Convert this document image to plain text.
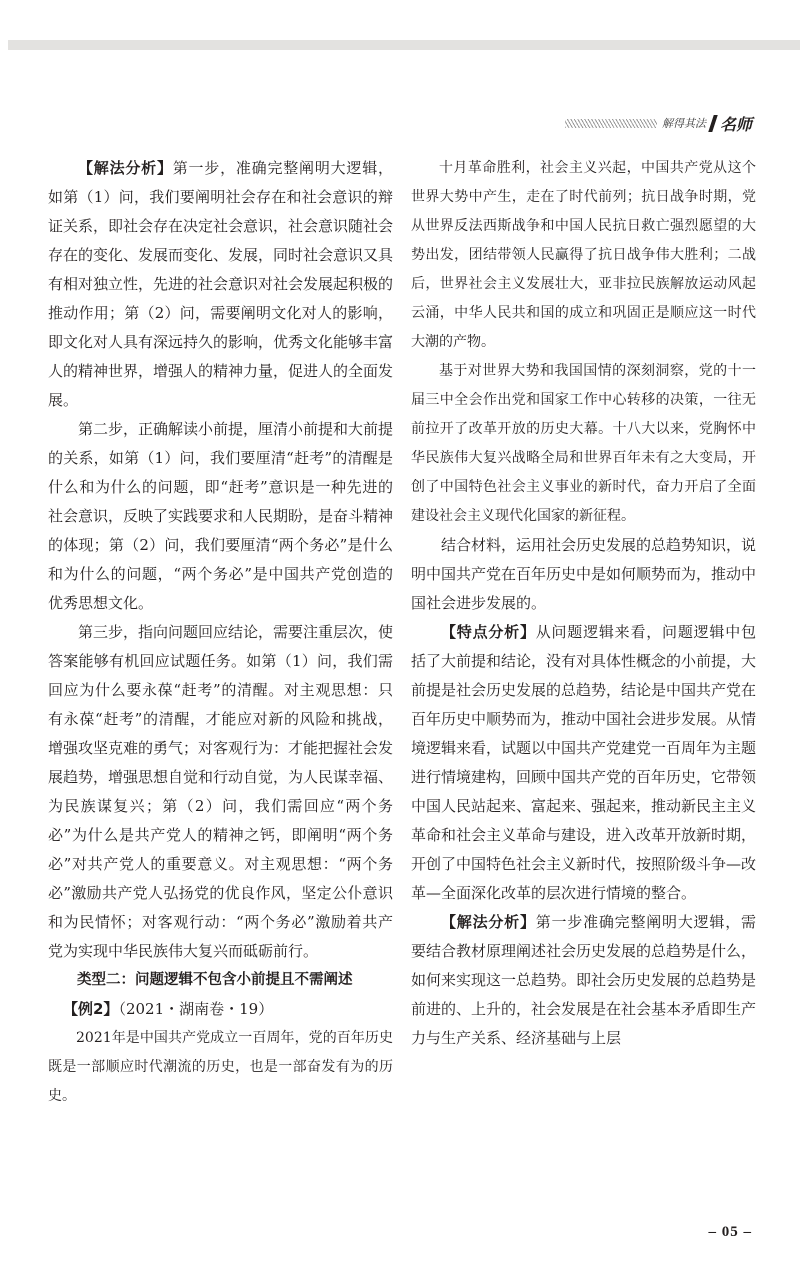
解得其法 名师

【解法分析】第一步，准确完整阐明大逻辑，如第（1）问，我们要阐明社会存在和社会意识的辩证关系，即社会存在决定社会意识，社会意识随社会存在的变化、发展而变化、发展，同时社会意识又具有相对独立性，先进的社会意识对社会发展起积极的推动作用；第（2）问，需要阐明文化对人的影响，即文化对人具有深远持久的影响，优秀文化能够丰富人的精神世界，增强人的精神力量，促进人的全面发展。

第二步，正确解读小前提，厘清小前提和大前提的关系，如第（1）问，我们要厘清“赶考”的清醒是什么和为什么的问题，即“赶考”意识是一种先进的社会意识，反映了实践要求和人民期盼，是奋斗精神的体现；第（2）问，我们要厘清“两个务必”是什么和为什么的问题，“两个务必”是中国共产党创造的优秀思想文化。

第三步，指向问题回应结论，需要注重层次，使答案能够有机回应试题任务。如第（1）问，我们需回应为什么要永葆“赶考”的清醒。对主观思想：只有永葆“赶考”的清醒，才能应对新的风险和挑战，增强攻坚克难的勇气；对客观行为：才能把握社会发展趋势，增强思想自觉和行动自觉，为人民谋幸福、为民族谋复兴；第（2）问，我们需回应“两个务必”为什么是共产党人的精神之钙，即阐明“两个务必”对共产党人的重要意义。对主观思想：“两个务必”激励共产党人弘扬党的优良作风，坚定公仆意识和为民情怀；对客观行动：“两个务必”激励着共产党为实现中华民族伟大复兴而砥砺前行。

类型二：问题逻辑不包含小前提且不需阐述

【例2】（2021・湖南卷・19）

2021年是中国共产党成立一百周年，党的百年历史既是一部顺应时代潮流的历史，也是一部奋发有为的历史。

十月革命胜利，社会主义兴起，中国共产党从这个世界大势中产生，走在了时代前列；抗日战争时期，党从世界反法西斯战争和中国人民抗日救亡强烈愿望的大势出发，团结带领人民赢得了抗日战争伟大胜利；二战后，世界社会主义发展壮大，亚非拉民族解放运动风起云涌，中华人民共和国的成立和巩固正是顺应这一时代大潮的产物。

基于对世界大势和我国国情的深刻洞察，党的十一届三中全会作出党和国家工作中心转移的决策，一往无前拉开了改革开放的历史大幕。十八大以来，党胸怀中华民族伟大复兴战略全局和世界百年未有之大变局，开创了中国特色社会主义事业的新时代，奋力开启了全面建设社会主义现代化国家的新征程。

结合材料，运用社会历史发展的总趋势知识，说明中国共产党在百年历史中是如何顺势而为，推动中国社会进步发展的。

【特点分析】从问题逻辑来看，问题逻辑中包括了大前提和结论，没有对具体性概念的小前提，大前提是社会历史发展的总趋势，结论是中国共产党在百年历史中顺势而为，推动中国社会进步发展。从情境逻辑来看，试题以中国共产党建党一百周年为主题进行情境建构，回顾中国共产党的百年历史，它带领中国人民站起来、富起来、强起来，推动新民主主义革命和社会主义革命与建设，进入改革开放新时期，开创了中国特色社会主义新时代，按照阶级斗争—改革—全面深化改革的层次进行情境的整合。

【解法分析】第一步准确完整阐明大逻辑，需要结合教材原理阐述社会历史发展的总趋势是什么，如何来实现这一总趋势。即社会历史发展的总趋势是前进的、上升的，社会发展是在社会基本矛盾即生产力与生产关系、经济基础与上层

– 05 –
